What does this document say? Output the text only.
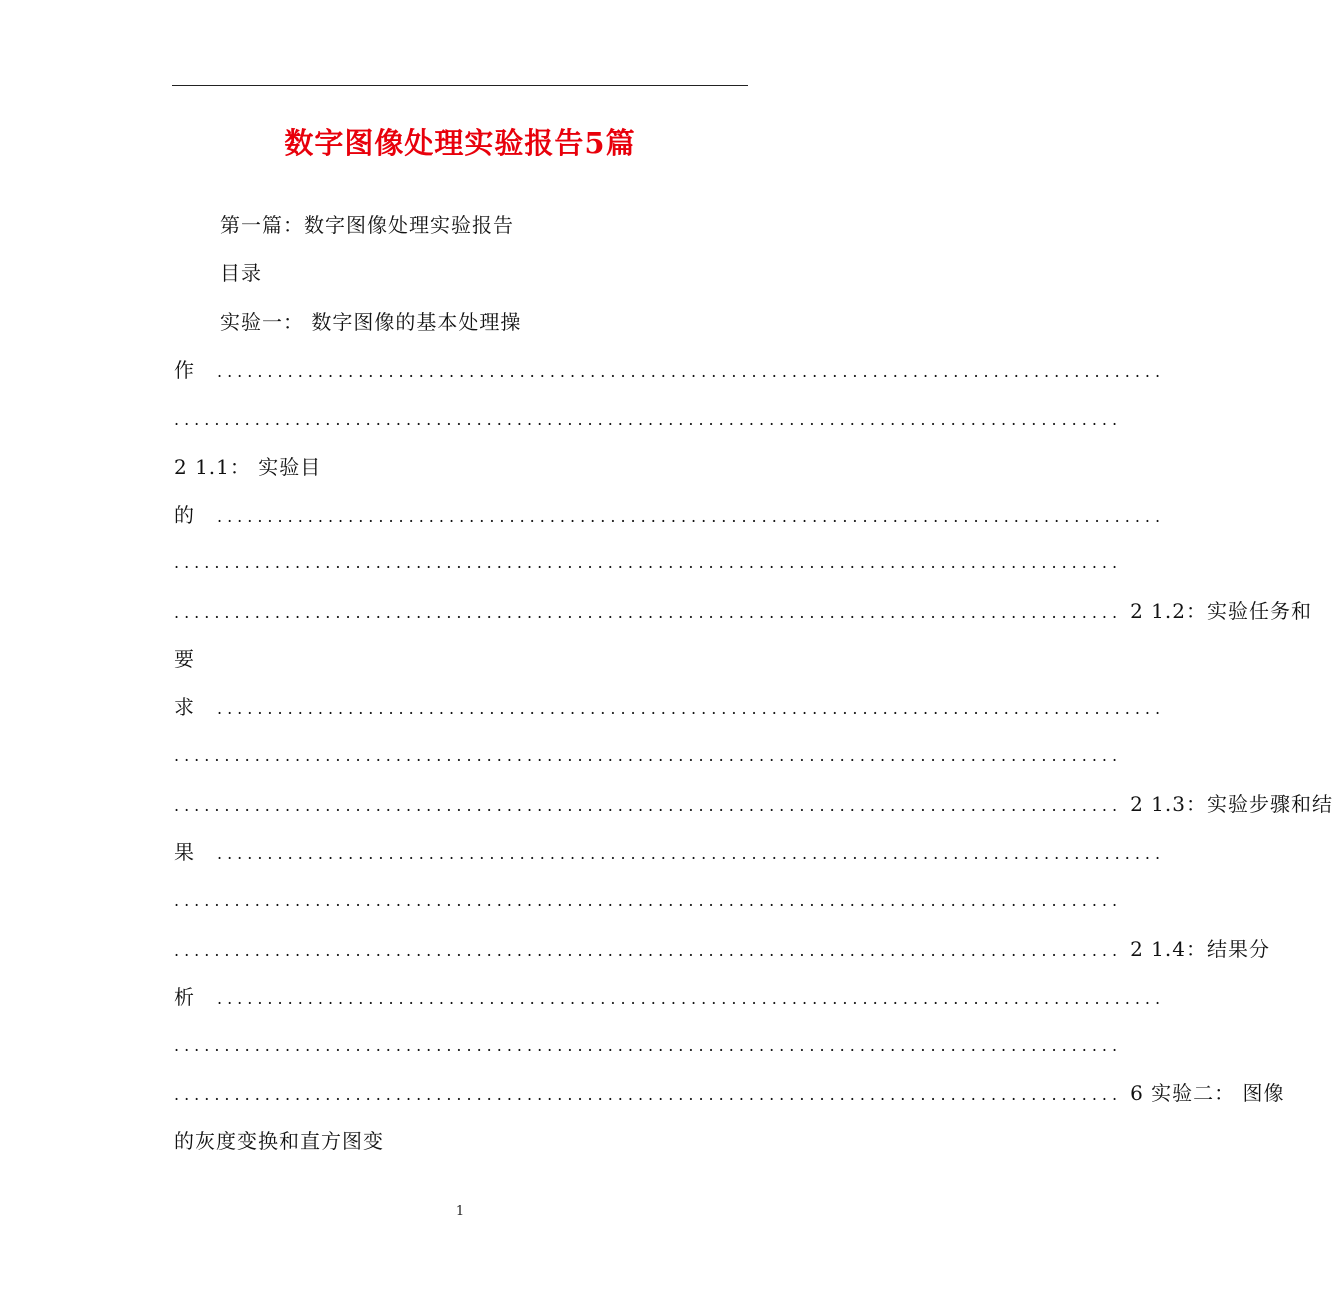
数字图像处理实验报告5篇
第一篇：数字图像处理实验报告
目录
实验一： 数字图像的基本处理操
作 ..............................................................................................
..............................................................................................
2 1.1： 实验目
的 ..............................................................................................
..............................................................................................
.............................................................................................. 2 1.2：实验任务和
要
求 ..............................................................................................
..............................................................................................
.............................................................................................. 2 1.3：实验步骤和结
果 ..............................................................................................
..............................................................................................
.............................................................................................. 2 1.4：结果分
析 ..............................................................................................
..............................................................................................
.............................................................................................. 6 实验二： 图像
的灰度变换和直方图变
1
